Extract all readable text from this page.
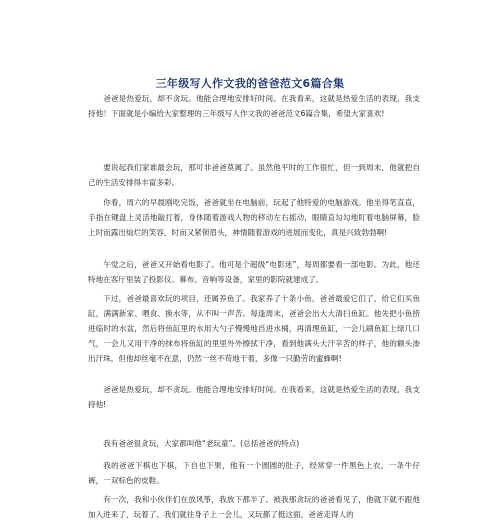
三年级写人作文我的爸爸范文6篇合集

爸爸是热爱玩，却不贪玩。他能合理地安排好时间。在我看来，这就是热爱生活的表现，我支持他！下面就是小编给大家整理的三年级写人作文我的爸爸范文6篇合集，希望大家喜欢!

要说起我们家谁最会玩，那可非爸爸莫属了。虽然他平时的工作很忙，但一到周末，他就把自己的生活安排得丰富多彩。

你看，周六的早晨刚吃完饭，爸爸就坐在电脑前，玩起了他特爱的电脑游戏。他坐得笔直直，手指在键盘上灵活地敲打着，身体随着游戏人物的移动左右摇动，眼睛直勾勾地盯着电脑屏幕，脸上时而露出灿烂的笑容，时而又紧锁眉头，神情随着游戏的进展而变化，真是兴致勃勃啊!

午觉之后，爸爸又开始看电影了。他可是个超级“电影迷”，每周都要看一部电影。为此，他还特地在客厅里装了投影仪、幕布、音响等设备，家里的影院就建成了。

下过，爸爸最喜欢玩的项目，还属养鱼了。我家养了十条小鱼，爸爸最爱它们了，给它们买鱼缸，满满新家、喂食、换水等，从不叫一声苦。每逢周末，爸爸会出大大清扫鱼缸。他先把小鱼捞进临时的水盆，然后将鱼缸里的水用大勺子慢慢地舀进水桶，再清理鱼缸，一会儿刷鱼缸上绿几口气，一会儿又用干净的抹布将鱼缸的里里外外擦拭干净，看到他满头大汗辛苦的样子，他的额头渗出汗珠，但他却丝毫不在意，仍然一丝不苟地干着，多像一只勤劳的蜜蜂啊!

爸爸是热爱玩，却不贪玩。他能合理地安排好时间。在我看来，这就是热爱生活的表现，我支持他!

我有爸爸很贪玩，大家都叫他“老玩童”。(总括爸爸的特点)

我的爸爸下棋也下棋，下自也下果，他有一个圆圆的肚子，经常穿一件黑色上衣，一条牛仔裤，一双棕色的皮鞋。

有一次，我和小伙伴们在放风筝，我放下都半了。被我那贪玩的爸爸看见了，他就下就不跟他加入进来了，玩着了。我们就往身子上一会儿，又玩都了挺这面，爸爸走得人的
